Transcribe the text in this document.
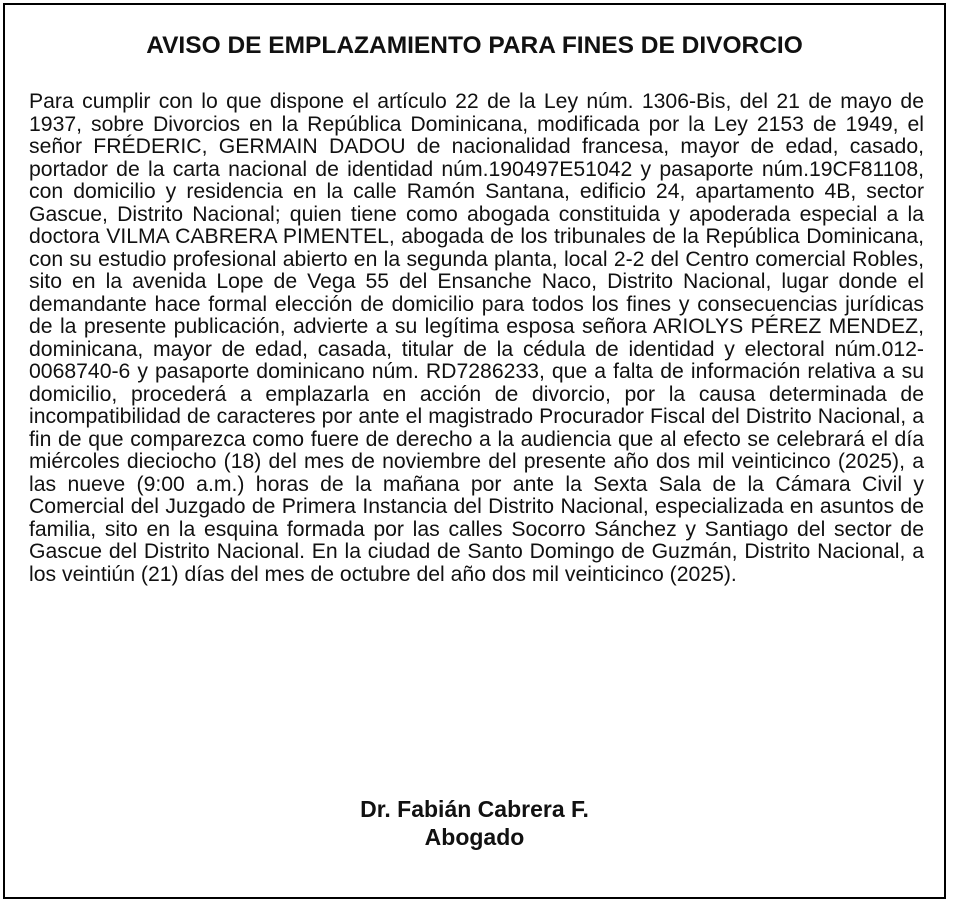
AVISO DE EMPLAZAMIENTO PARA FINES DE DIVORCIO

Para cumplir con lo que dispone el artículo 22 de la Ley núm. 1306-Bis, del 21 de mayo de 1937, sobre Divorcios en la República Dominicana, modificada por la Ley 2153 de 1949, el señor FRÉDERIC, GERMAIN DADOU de nacionalidad francesa, mayor de edad, casado, portador de la carta nacional de identidad núm.190497E51042 y pasaporte núm.19CF81108, con domicilio y residencia en la calle Ramón Santana, edificio 24, apartamento 4B, sector Gascue, Distrito Nacional; quien tiene como abogada constituida y apoderada especial a la doctora VILMA CABRERA PIMENTEL, abogada de los tribunales de la República Dominicana, con su estudio profesional abierto en la segunda planta, local 2-2 del Centro comercial Robles, sito en la avenida Lope de Vega 55 del Ensanche Naco, Distrito Nacional, lugar donde el demandante hace formal elección de domicilio para todos los fines y consecuencias jurídicas de la presente publicación, advierte a su legítima esposa señora ARIOLYS PÉREZ MENDEZ, dominicana, mayor de edad, casada, titular de la cédula de identidad y electoral núm.012-0068740-6 y pasaporte dominicano núm. RD7286233, que a falta de información relativa a su domicilio, procederá a emplazarla en acción de divorcio, por la causa determinada de incompatibilidad de caracteres por ante el magistrado Procurador Fiscal del Distrito Nacional, a fin de que comparezca como fuere de derecho a la audiencia que al efecto se celebrará el día miércoles dieciocho (18) del mes de noviembre del presente año dos mil veinticinco (2025), a las nueve (9:00 a.m.) horas de la mañana por ante la Sexta Sala de la Cámara Civil y Comercial del Juzgado de Primera Instancia del Distrito Nacional, especializada en asuntos de familia, sito en la esquina formada por las calles Socorro Sánchez y Santiago del sector de Gascue del Distrito Nacional. En la ciudad de Santo Domingo de Guzmán, Distrito Nacional, a los veintiún (21) días del mes de octubre del año dos mil veinticinco (2025).

Dr. Fabián Cabrera F.
Abogado
